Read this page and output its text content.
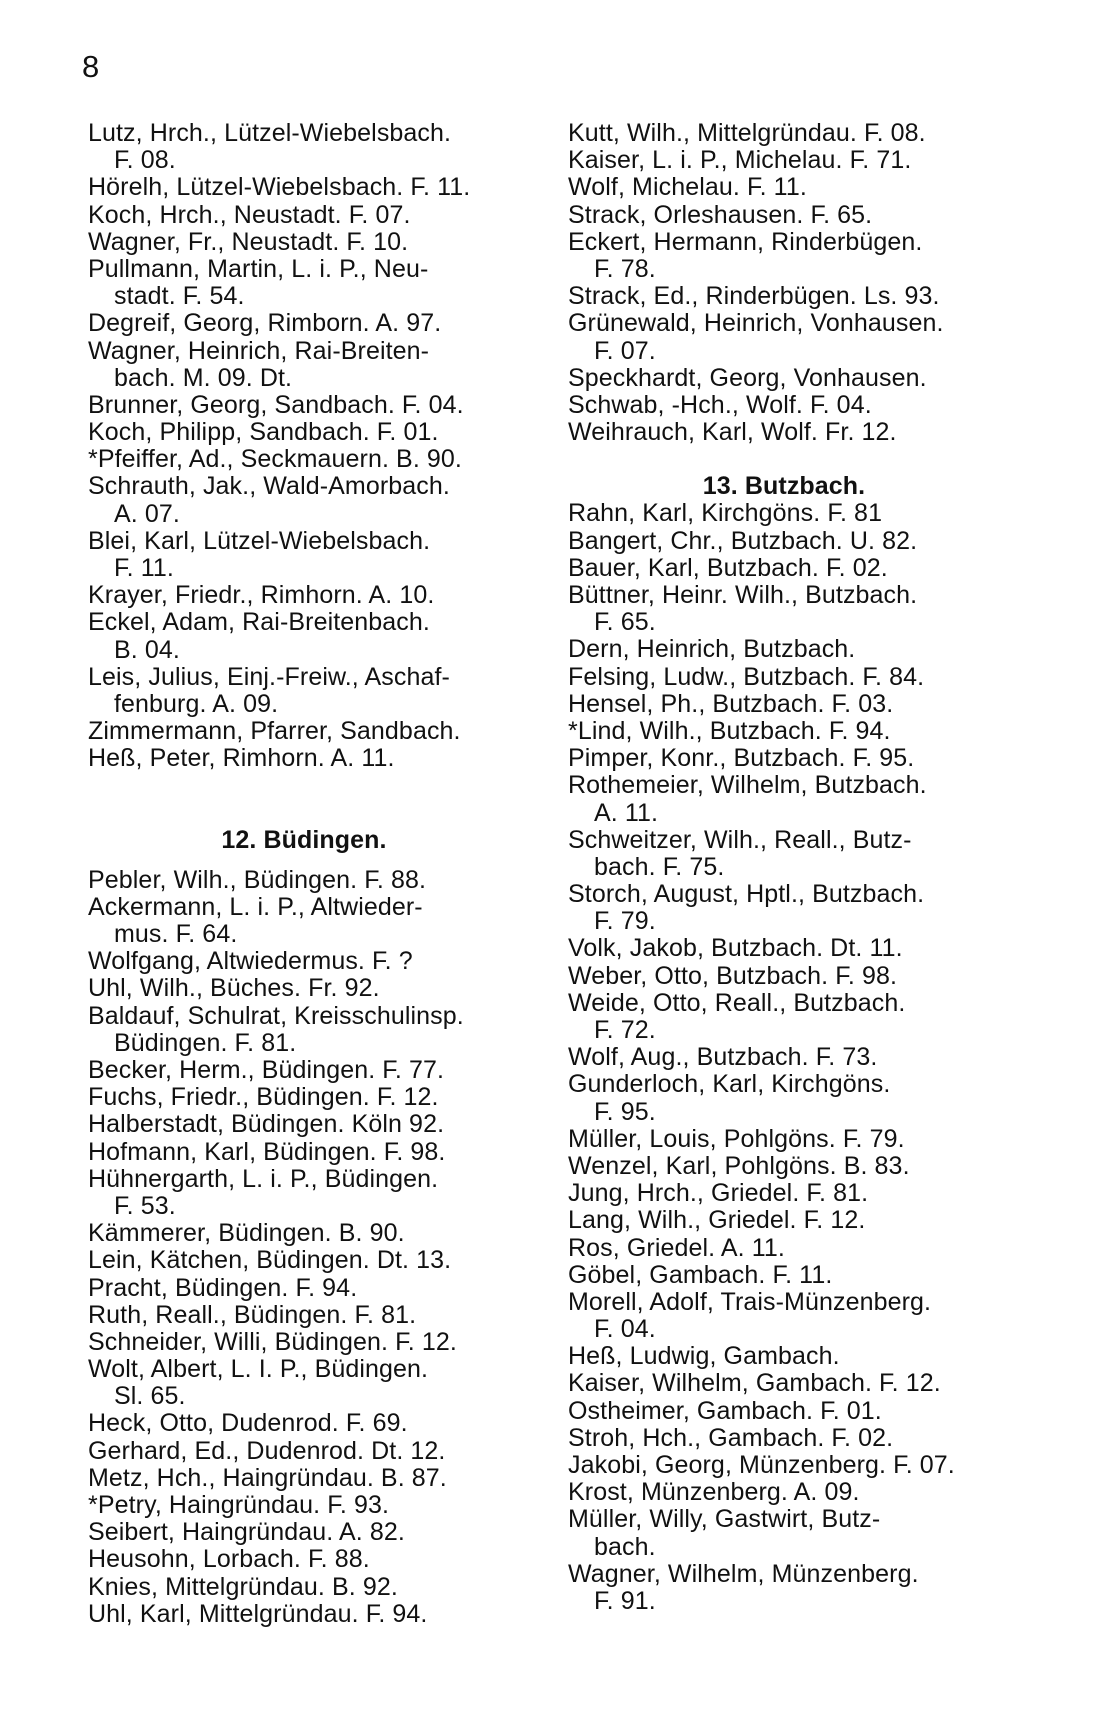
8
Lutz, Hrch., Lützel-Wiebelsbach.
F. 08.
Hörelh, Lützel-Wiebelsbach. F. 11.
Koch, Hrch., Neustadt. F. 07.
Wagner, Fr., Neustadt. F. 10.
Pullmann, Martin, L. i. P., Neu-
stadt. F. 54.
Degreif, Georg, Rimborn. A. 97.
Wagner, Heinrich, Rai-Breiten-
bach. M. 09. Dt.
Brunner, Georg, Sandbach. F. 04.
Koch, Philipp, Sandbach. F. 01.
*Pfeiffer, Ad., Seckmauern. B. 90.
Schrauth, Jak., Wald-Amorbach.
A. 07.
Blei, Karl, Lützel-Wiebelsbach.
F. 11.
Krayer, Friedr., Rimhorn. A. 10.
Eckel, Adam, Rai-Breitenbach.
B. 04.
Leis, Julius, Einj.-Freiw., Aschaf-
fenburg. A. 09.
Zimmermann, Pfarrer, Sandbach.
Heß, Peter, Rimhorn. A. 11.
12. Büdingen.
Pebler, Wilh., Büdingen. F. 88.
Ackermann, L. i. P., Altwieder-
mus. F. 64.
Wolfgang, Altwiedermus. F. ?
Uhl, Wilh., Büches. Fr. 92.
Baldauf, Schulrat, Kreisschulinsp.
Büdingen. F. 81.
Becker, Herm., Büdingen. F. 77.
Fuchs, Friedr., Büdingen. F. 12.
Halberstadt, Büdingen. Köln 92.
Hofmann, Karl, Büdingen. F. 98.
Hühnergarth, L. i. P., Büdingen.
F. 53.
Kämmerer, Büdingen. B. 90.
Lein, Kätchen, Büdingen. Dt. 13.
Pracht, Büdingen. F. 94.
Ruth, Reall., Büdingen. F. 81.
Schneider, Willi, Büdingen. F. 12.
Wolt, Albert, L. I. P., Büdingen.
Sl. 65.
Heck, Otto, Dudenrod. F. 69.
Gerhard, Ed., Dudenrod. Dt. 12.
Metz, Hch., Haingründau. B. 87.
*Petry, Haingründau. F. 93.
Seibert, Haingründau. A. 82.
Heusohn, Lorbach. F. 88.
Knies, Mittelgründau. B. 92.
Uhl, Karl, Mittelgründau. F. 94.
Kutt, Wilh., Mittelgründau. F. 08.
Kaiser, L. i. P., Michelau. F. 71.
Wolf, Michelau. F. 11.
Strack, Orleshausen. F. 65.
Eckert, Hermann, Rinderbügen.
F. 78.
Strack, Ed., Rinderbügen. Ls. 93.
Grünewald, Heinrich, Vonhausen.
F. 07.
Speckhardt, Georg, Vonhausen.
Schwab, -Hch., Wolf. F. 04.
Weihrauch, Karl, Wolf. Fr. 12.
13. Butzbach.
Rahn, Karl, Kirchgöns. F. 81
Bangert, Chr., Butzbach. U. 82.
Bauer, Karl, Butzbach. F. 02.
Büttner, Heinr. Wilh., Butzbach.
F. 65.
Dern, Heinrich, Butzbach.
Felsing, Ludw., Butzbach. F. 84.
Hensel, Ph., Butzbach. F. 03.
*Lind, Wilh., Butzbach. F. 94.
Pimper, Konr., Butzbach. F. 95.
Rothemeier, Wilhelm, Butzbach.
A. 11.
Schweitzer, Wilh., Reall., Butz-
bach. F. 75.
Storch, August, Hptl., Butzbach.
F. 79.
Volk, Jakob, Butzbach. Dt. 11.
Weber, Otto, Butzbach. F. 98.
Weide, Otto, Reall., Butzbach.
F. 72.
Wolf, Aug., Butzbach. F. 73.
Gunderloch, Karl, Kirchgöns.
F. 95.
Müller, Louis, Pohlgöns. F. 79.
Wenzel, Karl, Pohlgöns. B. 83.
Jung, Hrch., Griedel. F. 81.
Lang, Wilh., Griedel. F. 12.
Ros, Griedel. A. 11.
Göbel, Gambach. F. 11.
Morell, Adolf, Trais-Münzenberg.
F. 04.
Heß, Ludwig, Gambach.
Kaiser, Wilhelm, Gambach. F. 12.
Ostheimer, Gambach. F. 01.
Stroh, Hch., Gambach. F. 02.
Jakobi, Georg, Münzenberg. F. 07.
Krost, Münzenberg. A. 09.
Müller, Willy, Gastwirt, Butz-
bach.
Wagner, Wilhelm, Münzenberg.
F. 91.
